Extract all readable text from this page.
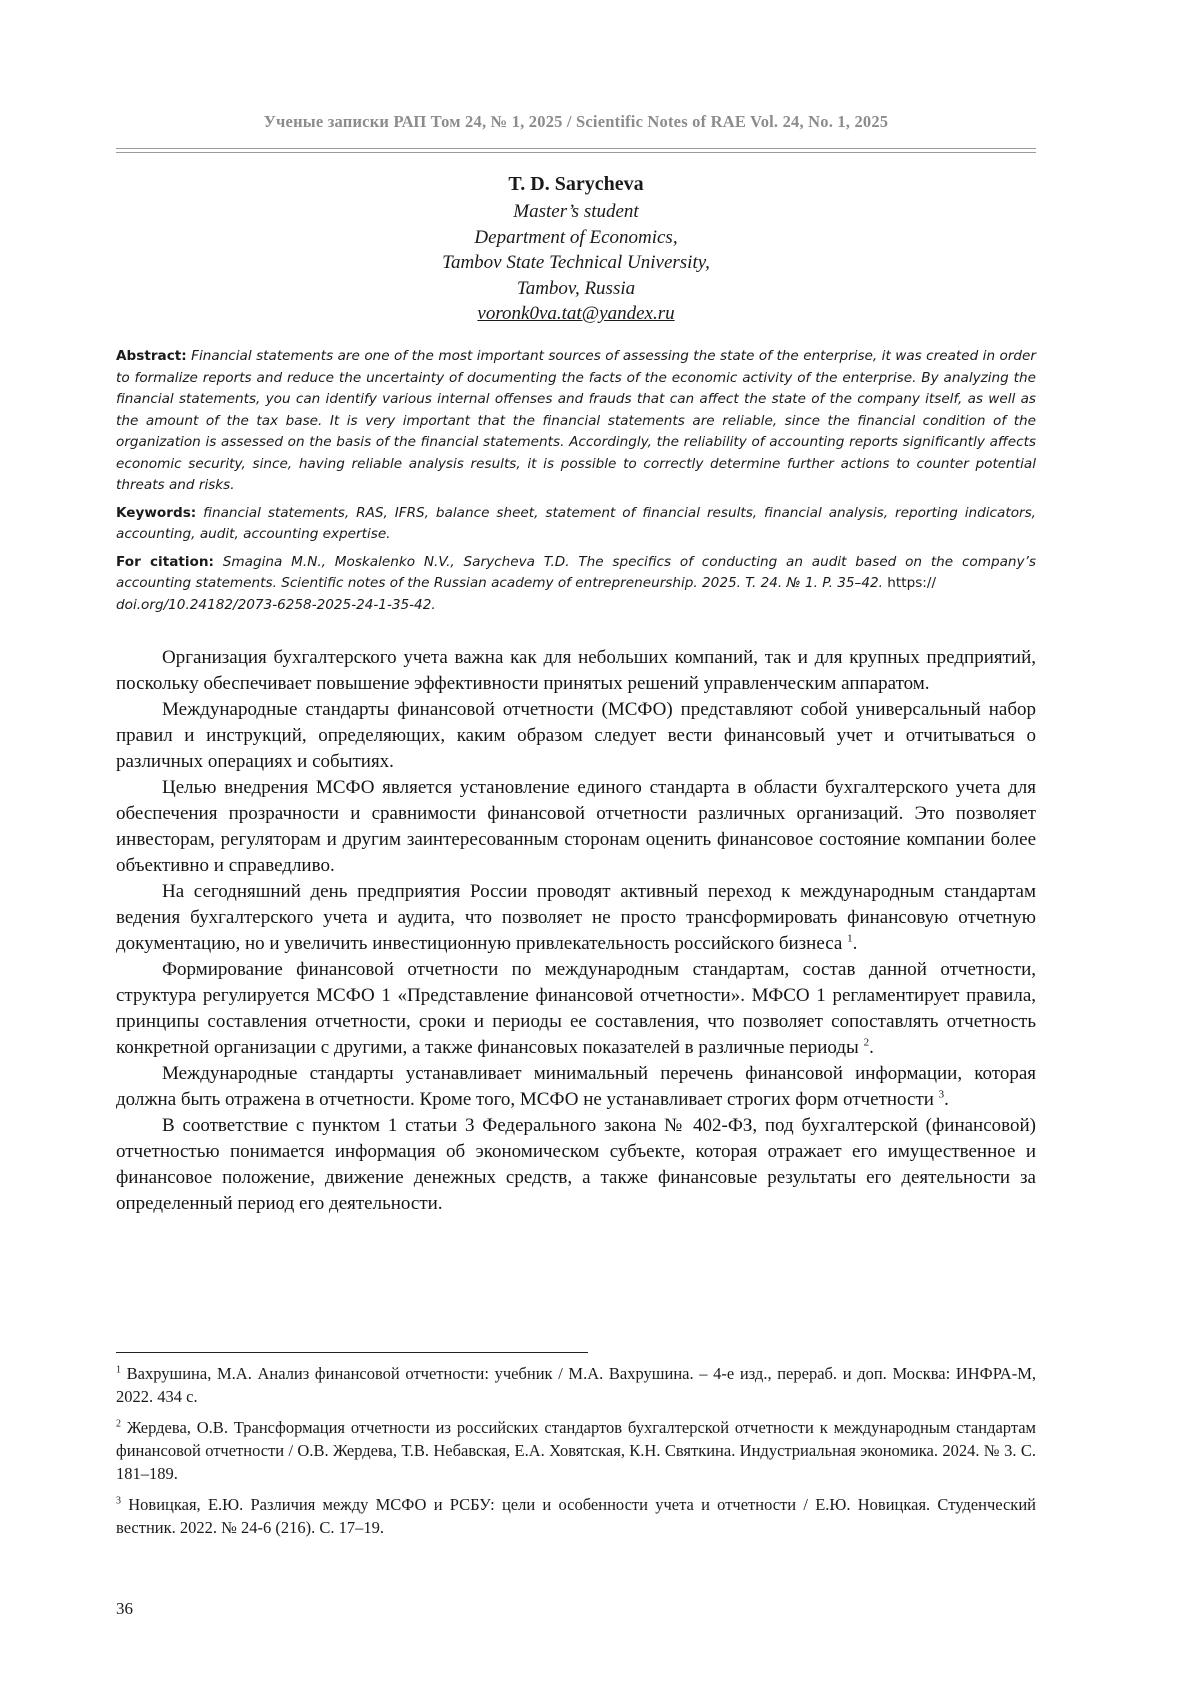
Ученые записки РАП Том 24, № 1, 2025 / Scientific Notes of RAE Vol. 24, No. 1, 2025
T. D. Sarycheva
Master’s student
Department of Economics,
Tambov State Technical University,
Tambov, Russia
voronk0va.tat@yandex.ru

Abstract: Financial statements are one of the most important sources of assessing the state of the enterprise, it was created in order to formalize reports and reduce the uncertainty of documenting the facts of the economic activity of the enterprise. By analyzing the financial statements, you can identify various internal offenses and frauds that can affect the state of the company itself, as well as the amount of the tax base. It is very important that the financial statements are reliable, since the financial condition of the organization is assessed on the basis of the financial statements. Accordingly, the reliability of accounting reports significantly affects economic security, since, having reliable analysis results, it is possible to correctly determine further actions to counter potential threats and risks.

Keywords: financial statements, RAS, IFRS, balance sheet, statement of financial results, financial analysis, reporting indicators, accounting, audit, accounting expertise.

For citation: Smagina M.N., Moskalenko N.V., Sarycheva T.D. The specifics of conducting an audit based on the company’s accounting statements. Scientific notes of the Russian academy of entrepreneurship. 2025. T. 24. № 1. P. 35–42. https://
doi.org/10.24182/2073-6258-2025-24-1-35-42.

Организация бухгалтерского учета важна как для небольших компаний, так и для крупных предприятий, поскольку обеспечивает повышение эффективности принятых решений управленческим аппаратом.

Международные стандарты финансовой отчетности (МСФО) представляют собой универсальный набор правил и инструкций, определяющих, каким образом следует вести финансовый учет и отчитываться о различных операциях и событиях.

Целью внедрения МСФО является установление единого стандарта в области бухгалтерского учета для обеспечения прозрачности и сравнимости финансовой отчетности различных организаций. Это позволяет инвесторам, регуляторам и другим заинтересованным сторонам оценить финансовое состояние компании более объективно и справедливо.

На сегодняшний день предприятия России проводят активный переход к международным стандартам ведения бухгалтерского учета и аудита, что позволяет не просто трансформировать финансовую отчетную документацию, но и увеличить инвестиционную привлекательность российского бизнеса $^1$.

Формирование финансовой отчетности по международным стандартам, состав данной отчетности, структура регулируется МСФО 1 «Представление финансовой отчетности». МФСО 1 регламентирует правила, принципы составления отчетности, сроки и периоды ее составления, что позволяет сопоставлять отчетность конкретной организации с другими, а также финансовых показателей в различные периоды $^2$.

Международные стандарты устанавливает минимальный перечень финансовой информации, которая должна быть отражена в отчетности. Кроме того, МСФО не устанавливает строгих форм отчетности $^3$.

В соответствие с пунктом 1 статьи 3 Федерального закона № 402-ФЗ, под бухгалтерской (финансовой) отчетностью понимается информация об экономическом субъекте, которая отражает его имущественное и финансовое положение, движение денежных средств, а также финансовые результаты его деятельности за определенный период его деятельности.

$^1$ Вахрушина, М.А. Анализ финансовой отчетности: учебник / М.А. Вахрушина. – 4-е изд., перераб. и доп. Москва: ИНФРА-М, 2022. 434 с.

$^2$ Жердева, О.В. Трансформация отчетности из российских стандартов бухгалтерской отчетности к международным стандартам финансовой отчетности / О.В. Жердева, Т.В. Небавская, Е.А. Ховятская, К.Н. Святкина. Индустриальная экономика. 2024. № 3. С. 181–189.

$^3$ Новицкая, Е.Ю. Различия между МСФО и РСБУ: цели и особенности учета и отчетности / Е.Ю. Новицкая. Студенческий вестник. 2022. № 24-6 (216). С. 17–19.

36
